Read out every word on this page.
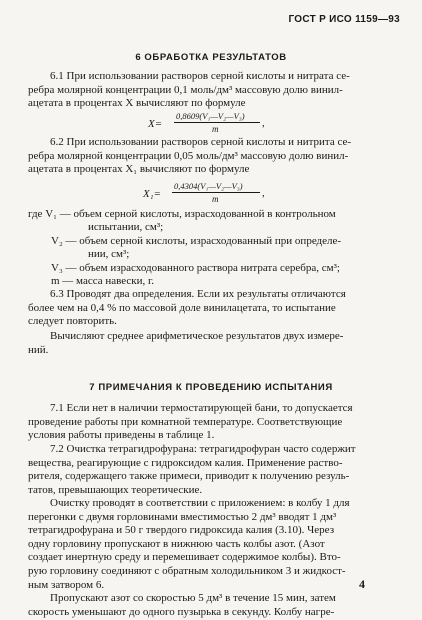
ГОСТ Р ИСО 1159—93
6 ОБРАБОТКА РЕЗУЛЬТАТОВ
6.1 При использовании растворов серной кислоты и нитрата се-
ребра молярной концентрации 0,1 моль/дм³ массовую долю винил-
ацетата в процентах X вычисляют по формуле
X=
0,8609(V₁—V₂—V₃)
m	,
6.2 При использовании растворов серной кислоты и нитрита се-
ребра молярной концентрации 0,05 моль/дм³ массовую долю винил-
ацетата в процентах X₁ вычисляют по формуле
X₁=
0,4304(V₁—V₂—V₃)
m	,
где V₁ — объем серной кислоты, израсходованной в контрольном
испытании, см³;
V₂ — объем серной кислоты, израсходованный при определе-
нии, см³;
V₃ — объем израсходованного раствора нитрата серебра, см³;
m — масса навески, г.
6.3 Проводят два определения. Если их результаты отличаются
более чем на 0,4 % по массовой доле винилацетата, то испытание
следует повторить.
Вычисляют среднее арифметическое результатов двух измере-
ний.
7 ПРИМЕЧАНИЯ К ПРОВЕДЕНИЮ ИСПЫТАНИЯ
7.1 Если нет в наличии термостатирующей бани, то допускается
проведение работы при комнатной температуре. Соответствующие
условия работы приведены в таблице 1.
7.2 Очистка тетрагидрофурана: тетрагидрофуран часто содержит
вещества, реагирующие с гидроксидом калия. Применение раство-
рителя, содержащего также примеси, приводит к получению резуль-
татов, превышающих теоретические.
Очистку проводят в соответствии с приложением: в колбу 1 для
перегонки с двумя горловинами вместимостью 2 дм³ вводят 1 дм³
тетрагидрофурана и 50 г твердого гидроксида калия (3.10). Через
одну горловину пропускают в нижнюю часть колбы азот. (Азот
создает инертную среду и перемешивает содержимое колбы). Вто-
рую горловину соединяют с обратным холодильником 3 и жидкост-
ным затвором 6.
Пропускают азот со скоростью 5 дм³ в течение 15 мин, затем
скорость уменьшают до одного пузырька в секунду. Колбу нагре-
4
